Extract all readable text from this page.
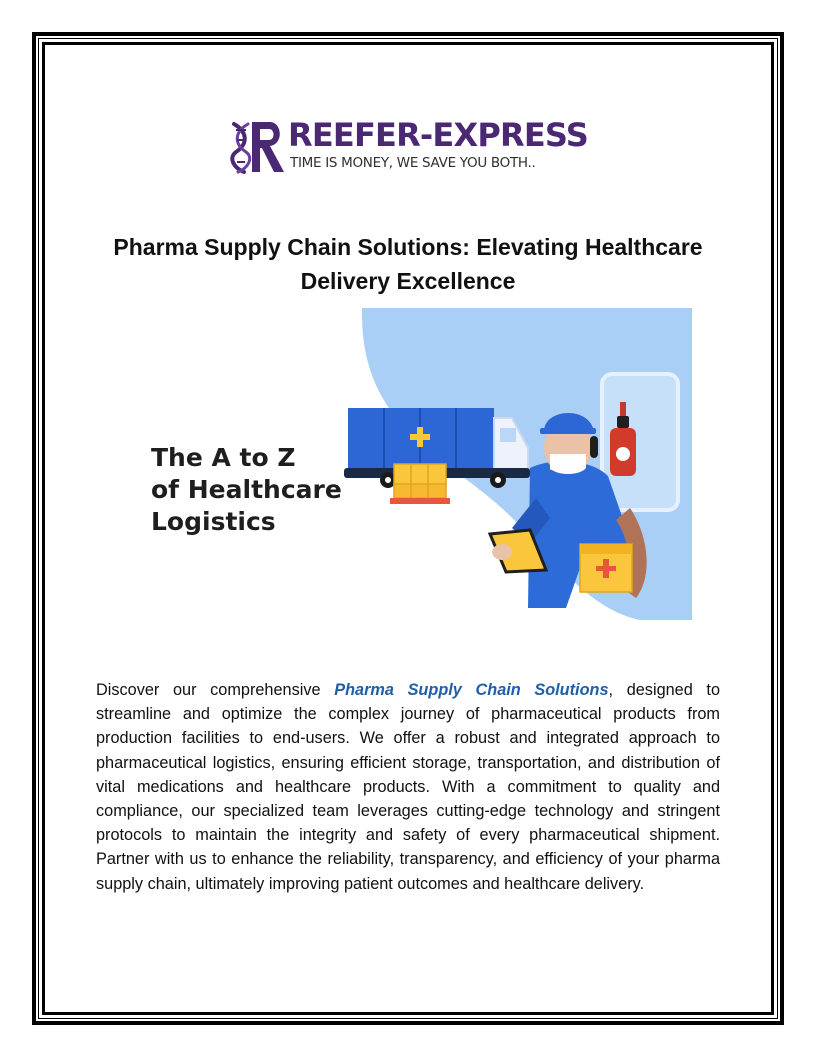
REEFER-EXPRESS
TIME IS MONEY, WE SAVE YOU BOTH..
Pharma Supply Chain Solutions: Elevating Healthcare Delivery Excellence
The A to Z
of Healthcare
Logistics

Discover our comprehensive Pharma Supply Chain Solutions, designed to streamline and optimize the complex journey of pharmaceutical products from production facilities to end-users. We offer a robust and integrated approach to pharmaceutical logistics, ensuring efficient storage, transportation, and distribution of vital medications and healthcare products. With a commitment to quality and compliance, our specialized team leverages cutting-edge technology and stringent protocols to maintain the integrity and safety of every pharmaceutical shipment. Partner with us to enhance the reliability, transparency, and efficiency of your pharma supply chain, ultimately improving patient outcomes and healthcare delivery.
